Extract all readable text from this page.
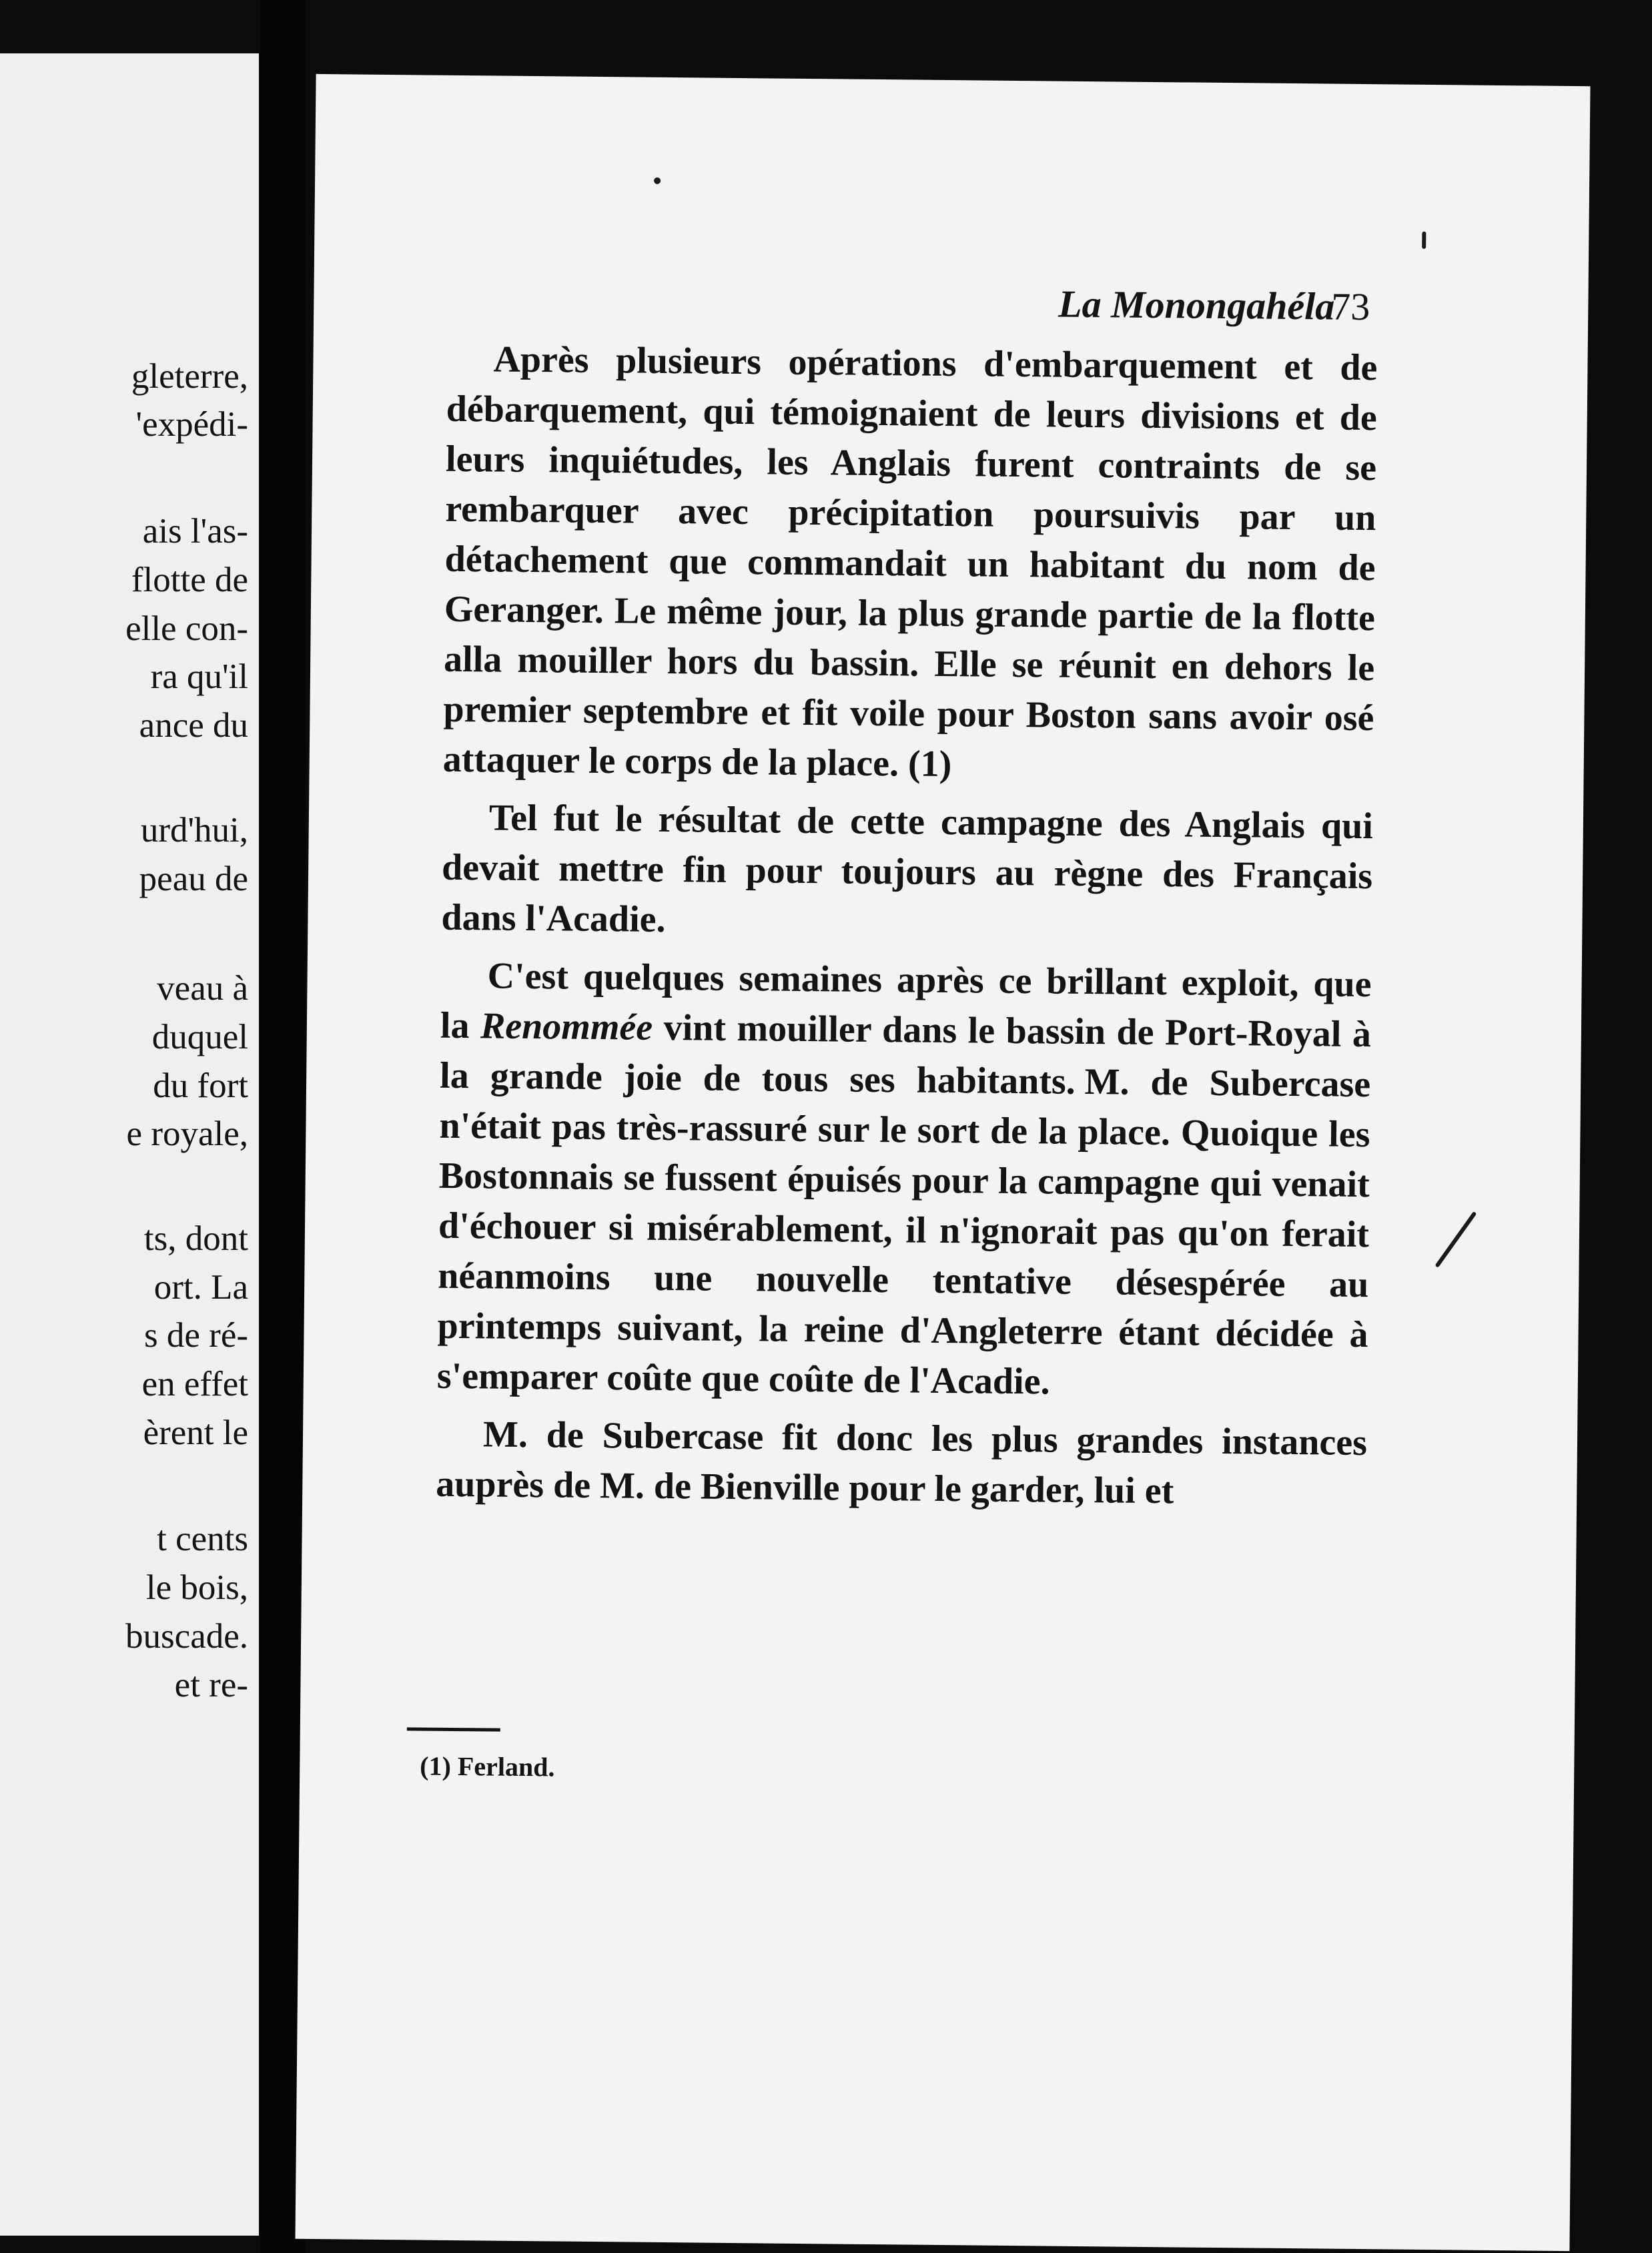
gleterre,
'expédi-
ais l'as-
flotte de
elle con-
ra qu'il
ance du
urd'hui,
peau de
veau à
duquel
du fort
e royale,
ts, dont
ort. La
s de ré-
en effet
èrent le
t cents
le bois,
buscade.
et re-
La Monongahéla
73

Après plusieurs opérations d'embarquement et de débarquement, qui témoignaient de leurs divisions et de leurs inquiétudes, les Anglais furent contraints de se rembarquer avec précipitation poursuivis par un détachement que commandait un habitant du nom de Geranger. Le même jour, la plus grande partie de la flotte alla mouiller hors du bassin. Elle se réunit en dehors le premier septembre et fit voile pour Boston sans avoir osé attaquer le corps de la place. (1)

Tel fut le résultat de cette campagne des Anglais qui devait mettre fin pour toujours au règne des Français dans l'Acadie.

C'est quelques semaines après ce brillant exploit, que la Renommée vint mouiller dans le bassin de Port-Royal à la grande joie de tous ses habitants. M. de Subercase n'était pas très-rassuré sur le sort de la place. Quoique les Bostonnais se fussent épuisés pour la campagne qui venait d'échouer si misérablement, il n'ignorait pas qu'on ferait néanmoins une nouvelle tentative désespérée au printemps suivant, la reine d'Angleterre étant décidée à s'emparer coûte que coûte de l'Acadie.

M. de Subercase fit donc les plus grandes instances auprès de M. de Bienville pour le garder, lui et

(1) Ferland.
